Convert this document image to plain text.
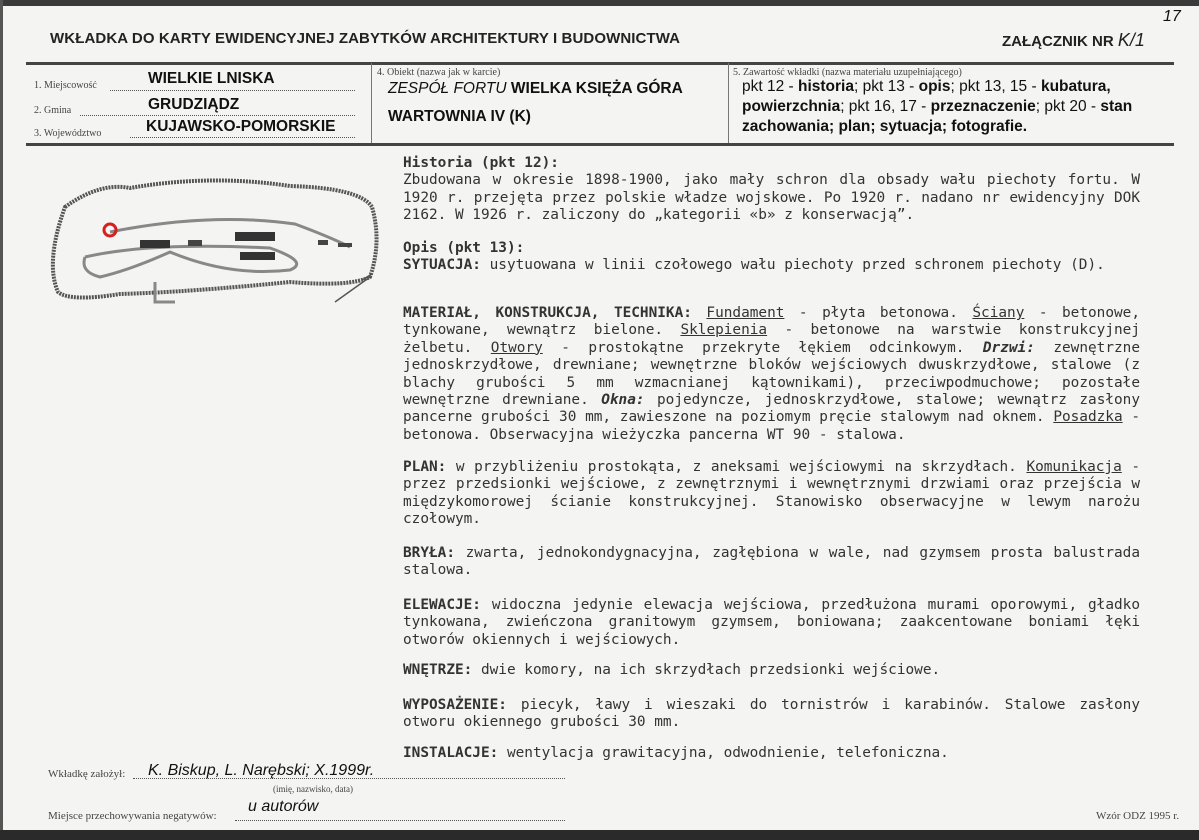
17
WKŁADKA DO KARTY EWIDENCYJNEJ ZABYTKÓW ARCHITEKTURY I BUDOWNICTWA	ZAŁĄCZNIK NR K/1
1. Miejscowość	WIELKIE LNISKA
2. Gmina	GRUDZIĄDZ
3. Województwo	KUJAWSKO-POMORSKIE
4. Obiekt (nazwa jak w karcie)
ZESPÓŁ FORTU WIELKA KSIĘŻA GÓRA
WARTOWNIA IV (K)
5. Zawartość wkładki (nazwa materiału uzupełniającego)
pkt 12 - historia; pkt 13 - opis; pkt 13, 15 - kubatura, powierzchnia; pkt 16, 17 - przeznaczenie; pkt 20 - stan zachowania; plan; sytuacja; fotografie.
Historia (pkt 12):
Zbudowana w okresie 1898-1900, jako mały schron dla obsady wału piechoty fortu. W 1920 r. przejęta przez polskie władze wojskowe. Po 1920 r. nadano nr ewidencyjny DOK 2162. W 1926 r. zaliczony do „kategorii «b» z konserwacją”.
Opis (pkt 13):
SYTUACJA: usytuowana w linii czołowego wału piechoty przed schronem piechoty (D).
MATERIAŁ, KONSTRUKCJA, TECHNIKA: Fundament - płyta betonowa. Ściany - betonowe, tynkowane, wewnątrz bielone. Sklepienia - betonowe na warstwie konstrukcyjnej żelbetu. Otwory - prostokątne przekryte łękiem odcinkowym. Drzwi: zewnętrzne jednoskrzydłowe, drewniane; wewnętrzne bloków wejściowych dwuskrzydłowe, stalowe (z blachy grubości 5 mm wzmacnianej kątownikami), przeciwpodmuchowe; pozostałe wewnętrzne drewniane. Okna: pojedyncze, jednoskrzydłowe, stalowe; wewnątrz zasłony pancerne grubości 30 mm, zawieszone na poziomym pręcie stalowym nad oknem. Posadzka - betonowa. Obserwacyjna wieżyczka pancerna WT 90 - stalowa.
PLAN: w przybliżeniu prostokąta, z aneksami wejściowymi na skrzydłach. Komunikacja - przez przedsionki wejściowe, z zewnętrznymi i wewnętrznymi drzwiami oraz przejścia w międzykomorowej ścianie konstrukcyjnej. Stanowisko obserwacyjne w lewym narożu czołowym.
BRYŁA: zwarta, jednokondygnacyjna, zagłębiona w wale, nad gzymsem prosta balustrada stalowa.
ELEWACJE: widoczna jedynie elewacja wejściowa, przedłużona murami oporowymi, gładko tynkowana, zwieńczona granitowym gzymsem, boniowana; zaakcentowane boniami łęki otworów okiennych i wejściowych.
WNĘTRZE: dwie komory, na ich skrzydłach przedsionki wejściowe.
WYPOSAŻENIE: piecyk, ławy i wieszaki do tornistrów i karabinów. Stalowe zasłony otworu okiennego grubości 30 mm.
INSTALACJE: wentylacja grawitacyjna, odwodnienie, telefoniczna.
Wkładkę założył: K. Biskup, L. Narębski; X.1999r.
(imię, nazwisko, data)
Miejsce przechowywania negatywów:
u autorów
Wzór ODZ 1995 r.
